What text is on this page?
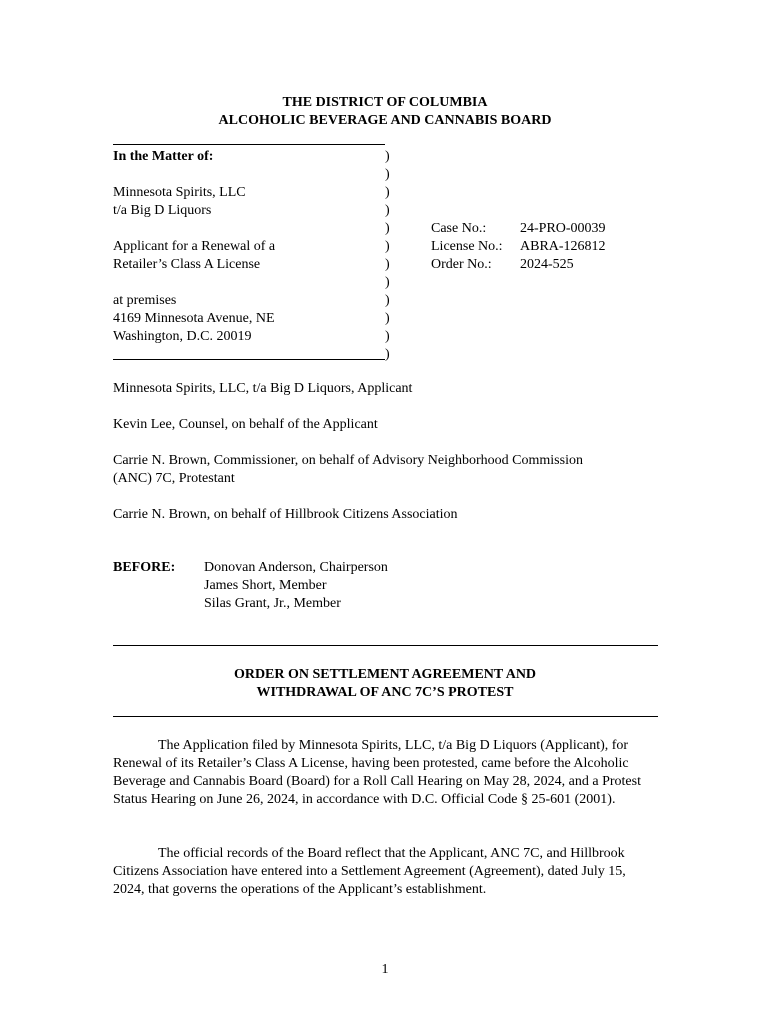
THE DISTRICT OF COLUMBIA
ALCOHOLIC BEVERAGE AND CANNABIS BOARD
In the Matter of:
Minnesota Spirits, LLC
t/a Big D Liquors
Applicant for a Renewal of a
Retailer’s Class A License
at premises
4169 Minnesota Avenue, NE
Washington, D.C. 20019
)
)
)
)
)
)
)
)
)
)
)
)
Case No.: 24-PRO-00039
License No.: ABRA-126812
Order No.: 2024-525
Minnesota Spirits, LLC, t/a Big D Liquors, Applicant
Kevin Lee, Counsel, on behalf of the Applicant
Carrie N. Brown, Commissioner, on behalf of Advisory Neighborhood Commission
(ANC) 7C, Protestant
Carrie N. Brown, on behalf of Hillbrook Citizens Association
BEFORE: Donovan Anderson, Chairperson
James Short, Member
Silas Grant, Jr., Member
ORDER ON SETTLEMENT AGREEMENT AND
WITHDRAWAL OF ANC 7C’S PROTEST
The Application filed by Minnesota Spirits, LLC, t/a Big D Liquors (Applicant), for Renewal of its Retailer’s Class A License, having been protested, came before the Alcoholic Beverage and Cannabis Board (Board) for a Roll Call Hearing on May 28, 2024, and a Protest Status Hearing on June 26, 2024, in accordance with D.C. Official Code § 25-601 (2001).
The official records of the Board reflect that the Applicant, ANC 7C, and Hillbrook Citizens Association have entered into a Settlement Agreement (Agreement), dated July 15, 2024, that governs the operations of the Applicant’s establishment.
1
